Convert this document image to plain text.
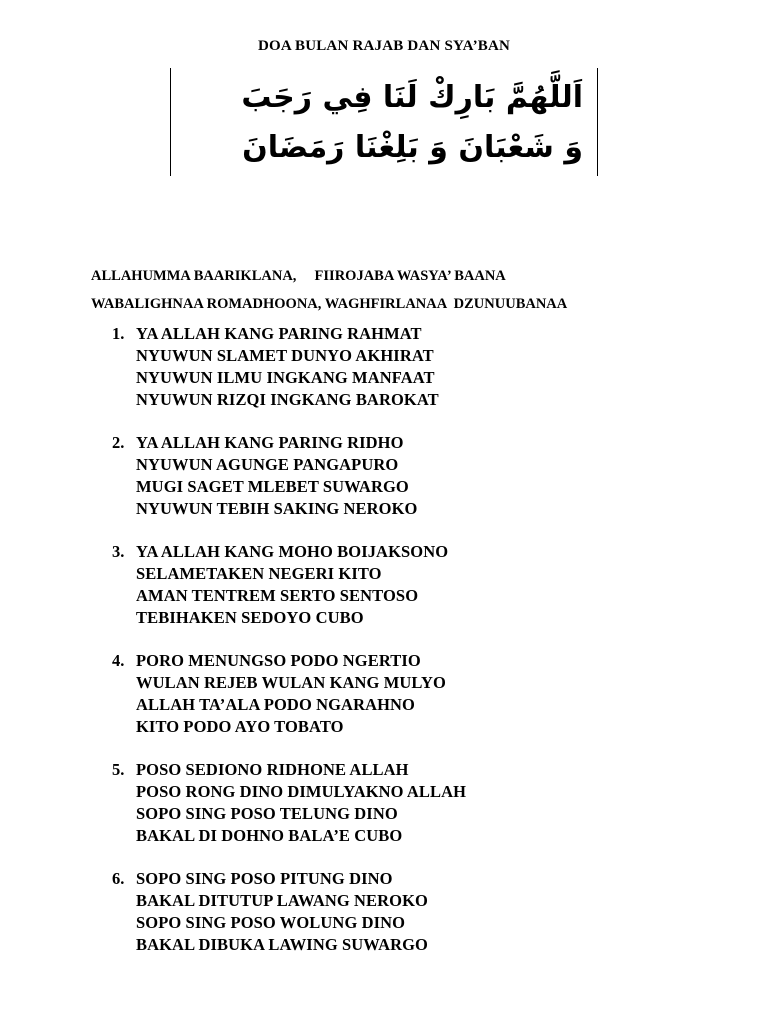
DOA BULAN RAJAB DAN SYA’BAN
اَللَّهُمَّ بَارِكْ لَنَا فِي رَجَبَ
وَ شَعْبَانَ وَ بَلِغْنَا رَمَضَانَ
ALLAHUMMA BAARIKLANA,     FIIROJABA WASYA’ BAANA
WABALIGHNAA ROMADHOONA, WAGHFIRLANAA  DZUNUUBANAA
1. YA ALLAH KANG PARING RAHMAT
NYUWUN SLAMET DUNYO AKHIRAT
NYUWUN ILMU INGKANG MANFAAT
NYUWUN RIZQI INGKANG BAROKAT
2. YA ALLAH KANG PARING RIDHO
NYUWUN AGUNGE PANGAPURO
MUGI SAGET MLEBET SUWARGO
NYUWUN TEBIH SAKING NEROKO
3. YA ALLAH KANG MOHO BOIJAKSONO
SELAMETAKEN NEGERI KITO
AMAN TENTREM SERTO SENTOSO
TEBIHAKEN SEDOYO CUBO
4. PORO MENUNGSO PODO NGERTIO
WULAN REJEB WULAN KANG MULYO
ALLAH TA’ALA PODO NGARAHNO
KITO PODO AYO TOBATO
5. POSO SEDIONO RIDHONE ALLAH
POSO RONG DINO DIMULYAKNO ALLAH
SOPO SING POSO TELUNG DINO
BAKAL DI DOHNO BALA’E CUBO
6. SOPO SING POSO PITUNG DINO
BAKAL DITUTUP LAWANG NEROKO
SOPO SING POSO WOLUNG DINO
BAKAL DIBUKA LAWING SUWARGO
